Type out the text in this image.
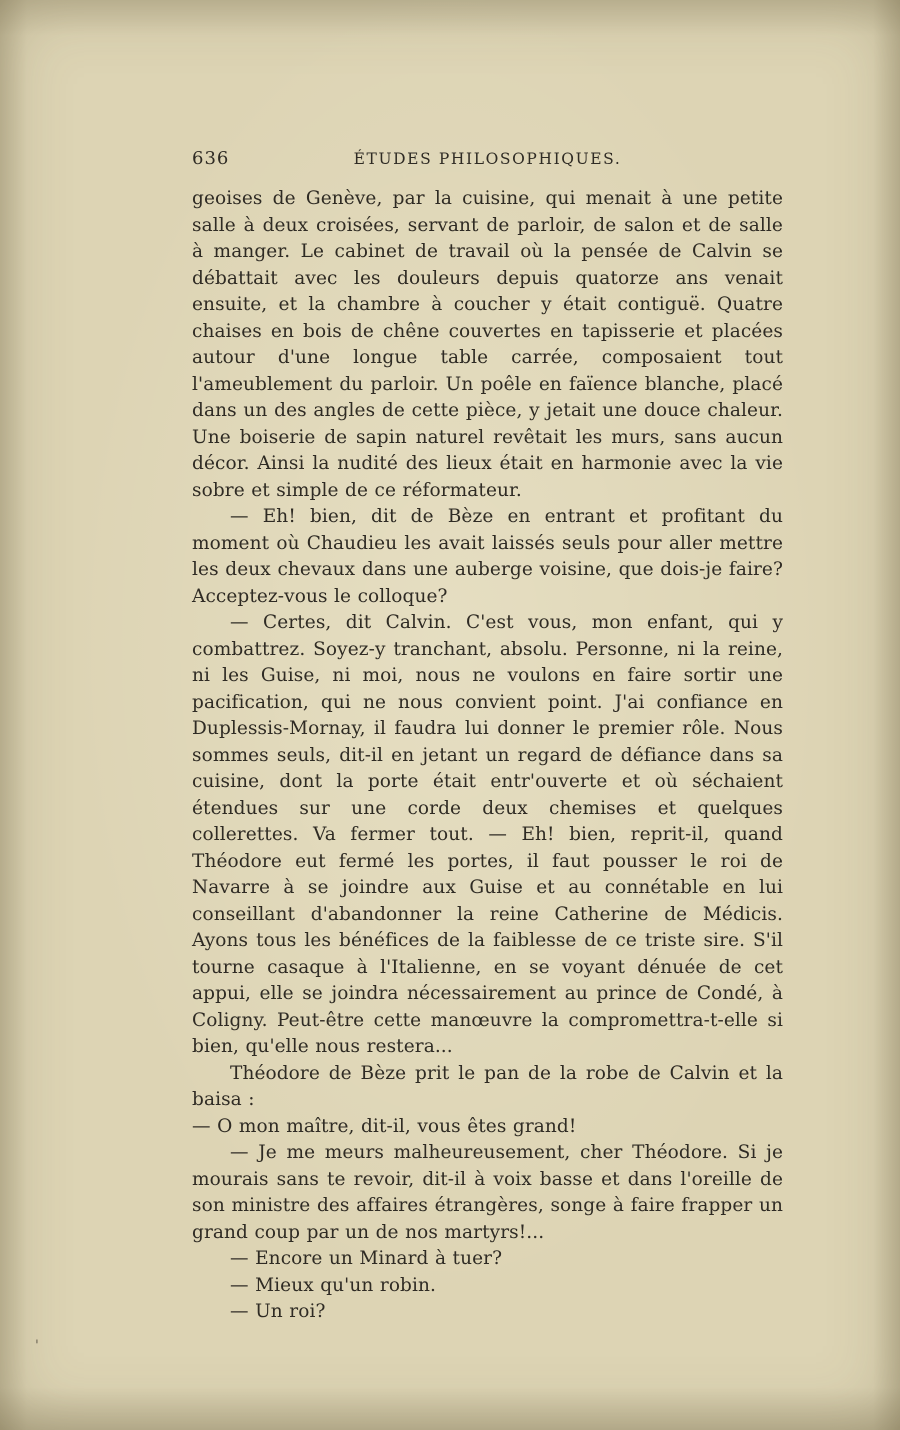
636	ÉTUDES PHILOSOPHIQUES.

geoises de Genève, par la cuisine, qui menait à une petite salle à deux croisées, servant de parloir, de salon et de salle à manger. Le cabinet de travail où la pensée de Calvin se débattait avec les douleurs depuis quatorze ans venait ensuite, et la chambre à coucher y était contiguë. Quatre chaises en bois de chêne couvertes en tapisserie et placées autour d'une longue table carrée, composaient tout l'ameublement du parloir. Un poêle en faïence blanche, placé dans un des angles de cette pièce, y jetait une douce chaleur. Une boiserie de sapin naturel revêtait les murs, sans aucun décor. Ainsi la nudité des lieux était en harmonie avec la vie sobre et simple de ce réformateur.

— Eh! bien, dit de Bèze en entrant et profitant du moment où Chaudieu les avait laissés seuls pour aller mettre les deux chevaux dans une auberge voisine, que dois-je faire? Acceptez-vous le colloque?

— Certes, dit Calvin. C'est vous, mon enfant, qui y combattrez. Soyez-y tranchant, absolu. Personne, ni la reine, ni les Guise, ni moi, nous ne voulons en faire sortir une pacification, qui ne nous convient point. J'ai confiance en Duplessis-Mornay, il faudra lui donner le premier rôle. Nous sommes seuls, dit-il en jetant un regard de défiance dans sa cuisine, dont la porte était entr'ouverte et où séchaient étendues sur une corde deux chemises et quelques collerettes. Va fermer tout. — Eh! bien, reprit-il, quand Théodore eut fermé les portes, il faut pousser le roi de Navarre à se joindre aux Guise et au connétable en lui conseillant d'abandonner la reine Catherine de Médicis. Ayons tous les bénéfices de la faiblesse de ce triste sire. S'il tourne casaque à l'Italienne, en se voyant dénuée de cet appui, elle se joindra nécessairement au prince de Condé, à Coligny. Peut-être cette manœuvre la compromettra-t-elle si bien, qu'elle nous restera...

Théodore de Bèze prit le pan de la robe de Calvin et la baisa :

— O mon maître, dit-il, vous êtes grand!

— Je me meurs malheureusement, cher Théodore. Si je mourais sans te revoir, dit-il à voix basse et dans l'oreille de son ministre des affaires étrangères, songe à faire frapper un grand coup par un de nos martyrs!...

— Encore un Minard à tuer?

— Mieux qu'un robin.

— Un roi?

'
